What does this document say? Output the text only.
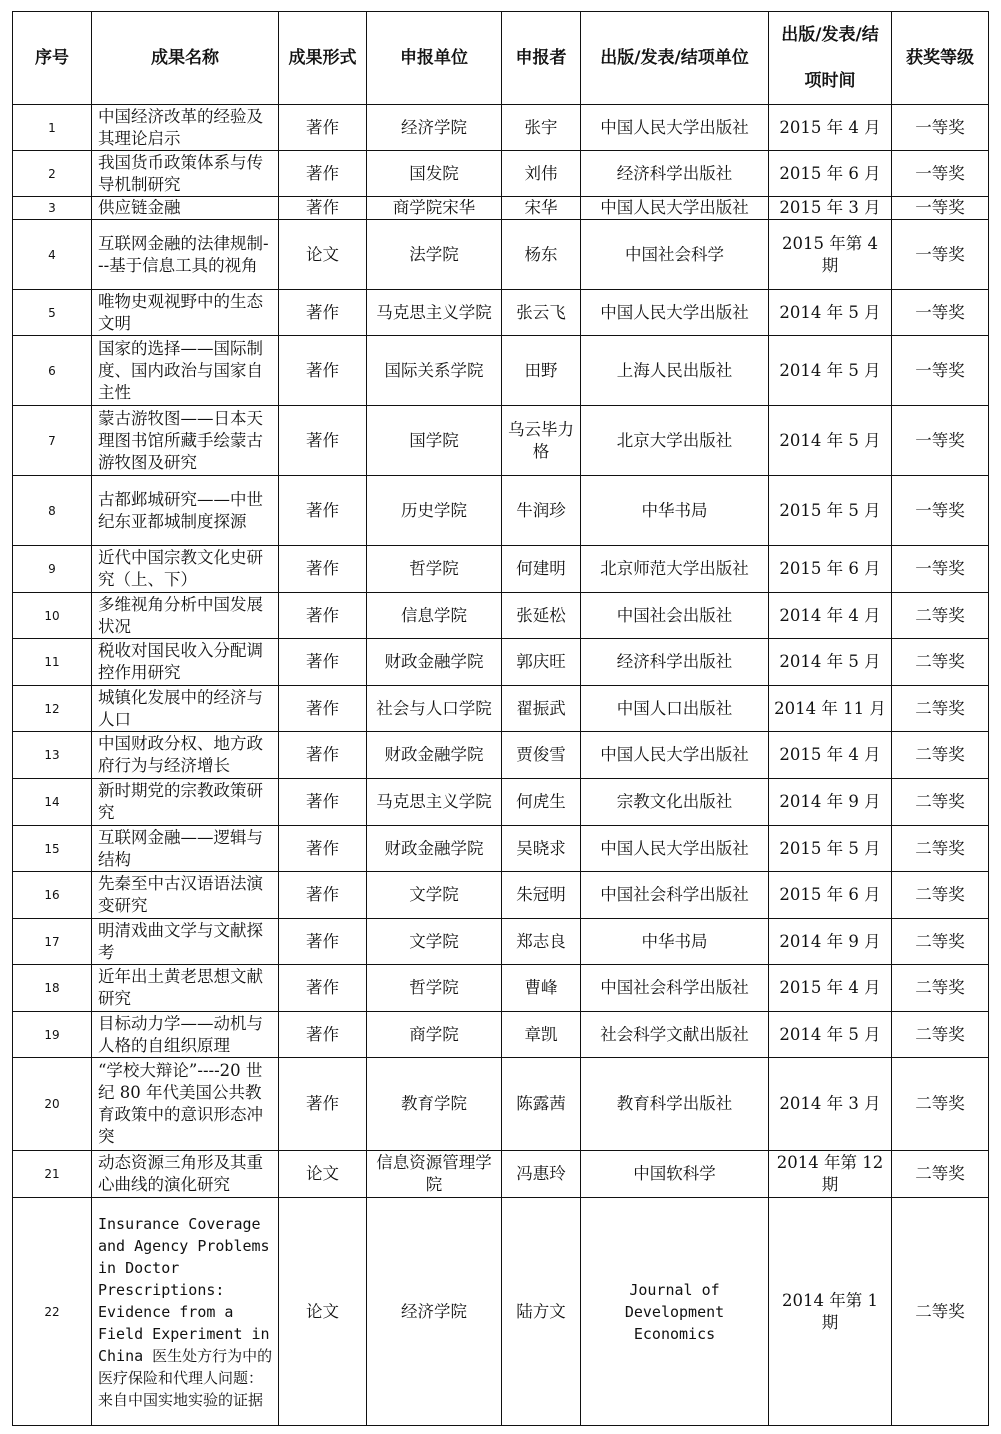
序号	成果名称	成果形式	申报单位	申报者	出版/发表/结项单位	出版/发表/结项时间	获奖等级
1	中国经济改革的经验及其理论启示	著作	经济学院	张宇	中国人民大学出版社	2015 年 4 月	一等奖
2	我国货币政策体系与传导机制研究	著作	国发院	刘伟	经济科学出版社	2015 年 6 月	一等奖
3	供应链金融	著作	商学院宋华	宋华	中国人民大学出版社	2015 年 3 月	一等奖
4	互联网金融的法律规制---基于信息工具的视角	论文	法学院	杨东	中国社会科学	2015 年第 4 期	一等奖
5	唯物史观视野中的生态文明	著作	马克思主义学院	张云飞	中国人民大学出版社	2014 年 5 月	一等奖
6	国家的选择——国际制度、国内政治与国家自主性	著作	国际关系学院	田野	上海人民出版社	2014 年 5 月	一等奖
7	蒙古游牧图——日本天理图书馆所藏手绘蒙古游牧图及研究	著作	国学院	乌云毕力格	北京大学出版社	2014 年 5 月	一等奖
8	古都邺城研究——中世纪东亚都城制度探源	著作	历史学院	牛润珍	中华书局	2015 年 5 月	一等奖
9	近代中国宗教文化史研究（上、下）	著作	哲学院	何建明	北京师范大学出版社	2015 年 6 月	一等奖
10	多维视角分析中国发展状况	著作	信息学院	张延松	中国社会出版社	2014 年 4 月	二等奖
11	税收对国民收入分配调控作用研究	著作	财政金融学院	郭庆旺	经济科学出版社	2014 年 5 月	二等奖
12	城镇化发展中的经济与人口	著作	社会与人口学院	翟振武	中国人口出版社	2014 年 11 月	二等奖
13	中国财政分权、地方政府行为与经济增长	著作	财政金融学院	贾俊雪	中国人民大学出版社	2015 年 4 月	二等奖
14	新时期党的宗教政策研究	著作	马克思主义学院	何虎生	宗教文化出版社	2014 年 9 月	二等奖
15	互联网金融——逻辑与结构	著作	财政金融学院	吴晓求	中国人民大学出版社	2015 年 5 月	二等奖
16	先秦至中古汉语语法演变研究	著作	文学院	朱冠明	中国社会科学出版社	2015 年 6 月	二等奖
17	明清戏曲文学与文献探考	著作	文学院	郑志良	中华书局	2014 年 9 月	二等奖
18	近年出土黄老思想文献研究	著作	哲学院	曹峰	中国社会科学出版社	2015 年 4 月	二等奖
19	目标动力学——动机与人格的自组织原理	著作	商学院	章凯	社会科学文献出版社	2014 年 5 月	二等奖
20	“学校大辩论”----20 世纪 80 年代美国公共教育政策中的意识形态冲突	著作	教育学院	陈露茜	教育科学出版社	2014 年 3 月	二等奖
21	动态资源三角形及其重心曲线的演化研究	论文	信息资源管理学院	冯惠玲	中国软科学	2014 年第 12 期	二等奖
22	Insurance Coverage and Agency Problems in Doctor Prescriptions: Evidence from a Field Experiment in China 医生处方行为中的医疗保险和代理人问题：来自中国实地实验的证据	论文	经济学院	陆方文	Journal of Development Economics	2014 年第 1 期	二等奖
